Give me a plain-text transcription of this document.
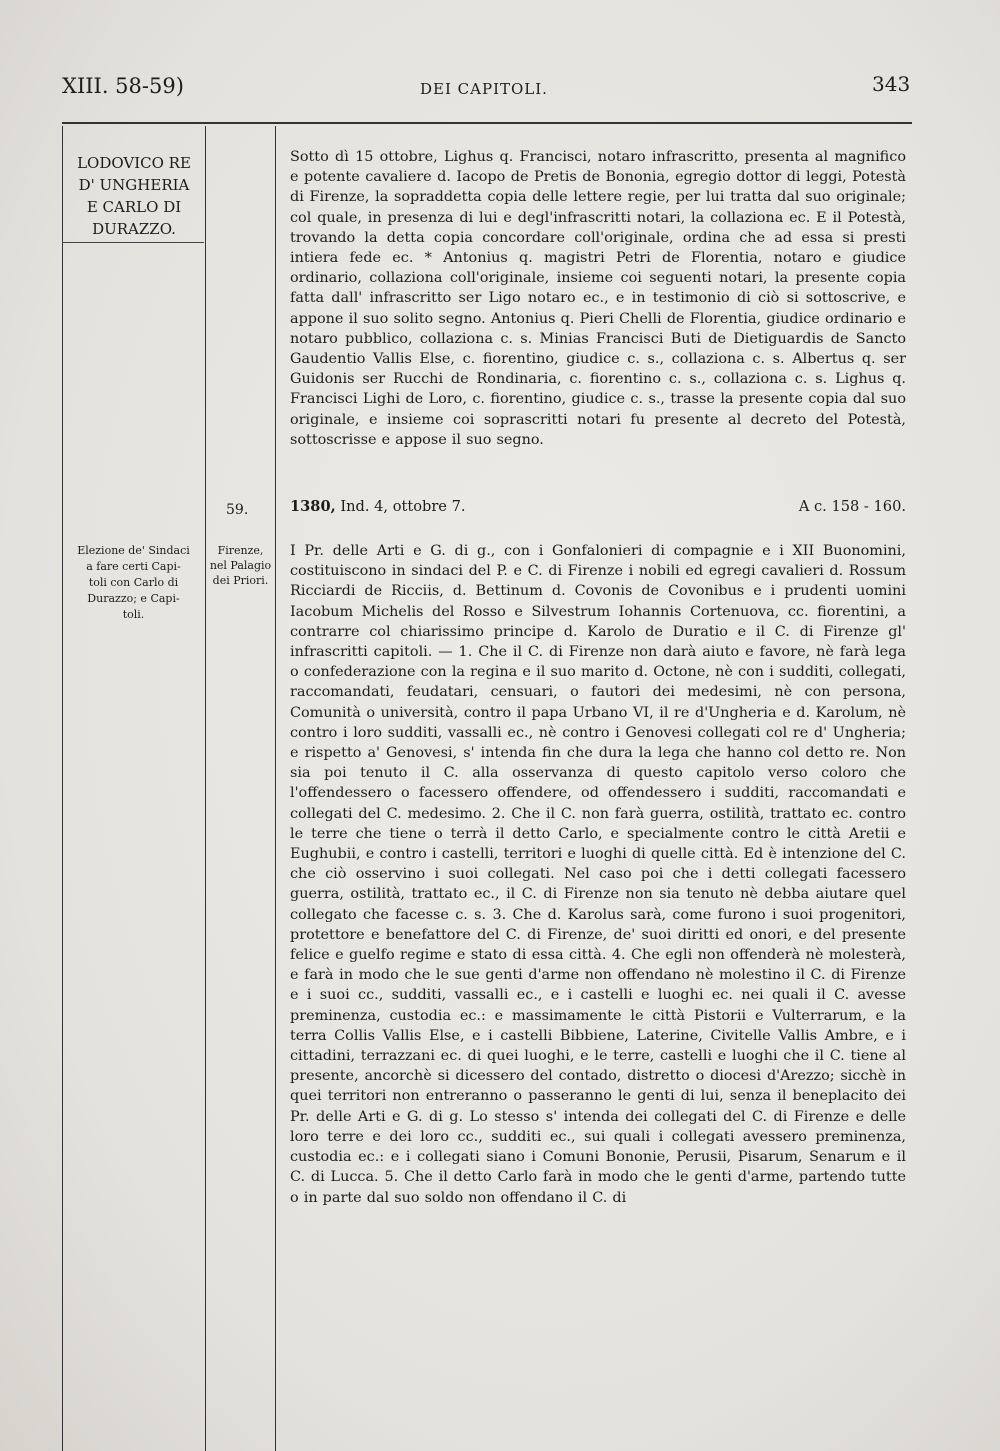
XIII. 58-59)	DEI CAPITOLI.	343
LODOVICO RE
D' UNGHERIA
E CARLO DI
DURAZZO.
59.
Elezione de' Sindaci
a fare certi Capi-
toli con Carlo di
Durazzo; e Capi-
toli.
Firenze,
nel Palagio
dei Priori.

Sotto dì 15 ottobre, Lighus q. Francisci, notaro infrascritto, presenta al magnifico e potente cavaliere d. Iacopo de Pretis de Bononia, egregio dottor di leggi, Potestà di Firenze, la sopraddetta copia delle lettere regie, per lui tratta dal suo originale; col quale, in presenza di lui e degl'infrascritti notari, la collaziona ec. E il Potestà, trovando la detta copia concordare coll'originale, ordina che ad essa si presti intiera fede ec. * Antonius q. magistri Petri de Florentia, notaro e giudice ordinario, collaziona coll'originale, insieme coi seguenti notari, la presente copia fatta dall' infrascritto ser Ligo notaro ec., e in testimonio di ciò si sottoscrive, e appone il suo solito segno. Antonius q. Pieri Chelli de Florentia, giudice ordinario e notaro pubblico, collaziona c. s. Minias Francisci Buti de Dietiguardis de Sancto Gaudentio Vallis Else, c. fiorentino, giudice c. s., collaziona c. s. Albertus q. ser Guidonis ser Rucchi de Rondinaria, c. fiorentino c. s., collaziona c. s. Lighus q. Francisci Lighi de Loro, c. fiorentino, giudice c. s., trasse la presente copia dal suo originale, e insieme coi soprascritti notari fu presente al decreto del Potestà, sottoscrisse e appose il suo segno.

1380, Ind. 4, ottobre 7.	A c. 158 - 160.

I Pr. delle Arti e G. di g., con i Gonfalonieri di compagnie e i XII Buonomini, costituiscono in sindaci del P. e C. di Firenze i nobili ed egregi cavalieri d. Rossum Ricciardi de Ricciis, d. Bettinum d. Covonis de Covonibus e i prudenti uomini Iacobum Michelis del Rosso e Silvestrum Iohannis Cortenuova, cc. fiorentini, a contrarre col chiarissimo principe d. Karolo de Duratio e il C. di Firenze gl' infrascritti capitoli. — 1. Che il C. di Firenze non darà aiuto e favore, nè farà lega o confederazione con la regina e il suo marito d. Octone, nè con i sudditi, collegati, raccomandati, feudatari, censuari, o fautori dei medesimi, nè con persona, Comunità o università, contro il papa Urbano VI, il re d'Ungheria e d. Karolum, nè contro i loro sudditi, vassalli ec., nè contro i Genovesi collegati col re d' Ungheria; e rispetto a' Genovesi, s' intenda fin che dura la lega che hanno col detto re. Non sia poi tenuto il C. alla osservanza di questo capitolo verso coloro che l'offendessero o facessero offendere, od offendessero i sudditi, raccomandati e collegati del C. medesimo. 2. Che il C. non farà guerra, ostilità, trattato ec. contro le terre che tiene o terrà il detto Carlo, e specialmente contro le città Aretii e Eughubii, e contro i castelli, territori e luoghi di quelle città. Ed è intenzione del C. che ciò osservino i suoi collegati. Nel caso poi che i detti collegati facessero guerra, ostilità, trattato ec., il C. di Firenze non sia tenuto nè debba aiutare quel collegato che facesse c. s. 3. Che d. Karolus sarà, come furono i suoi progenitori, protettore e benefattore del C. di Firenze, de' suoi diritti ed onori, e del presente felice e guelfo regime e stato di essa città. 4. Che egli non offenderà nè molesterà, e farà in modo che le sue genti d'arme non offendano nè molestino il C. di Firenze e i suoi cc., sudditi, vassalli ec., e i castelli e luoghi ec. nei quali il C. avesse preminenza, custodia ec.: e massimamente le città Pistorii e Vulterrarum, e la terra Collis Vallis Else, e i castelli Bibbiene, Laterine, Civitelle Vallis Ambre, e i cittadini, terrazzani ec. di quei luoghi, e le terre, castelli e luoghi che il C. tiene al presente, ancorchè si dicessero del contado, distretto o diocesi d'Arezzo; sicchè in quei territori non entreranno o passeranno le genti di lui, senza il beneplacito dei Pr. delle Arti e G. di g. Lo stesso s' intenda dei collegati del C. di Firenze e delle loro terre e dei loro cc., sudditi ec., sui quali i collegati avessero preminenza, custodia ec.: e i collegati siano i Comuni Bononie, Perusii, Pisarum, Senarum e il C. di Lucca. 5. Che il detto Carlo farà in modo che le genti d'arme, partendo tutte o in parte dal suo soldo non offendano il C. di
